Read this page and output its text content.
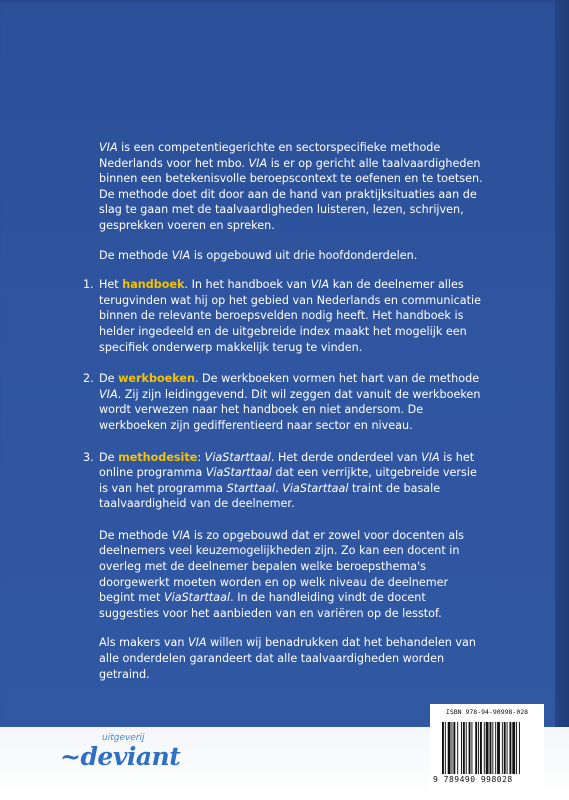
VIA is een competentiegerichte en sectorspecifieke methode Nederlands voor het mbo. VIA is er op gericht alle taalvaardigheden binnen een betekenisvolle beroepscontext te oefenen en te toetsen. De methode doet dit door aan de hand van praktijksituaties aan de slag te gaan met de taalvaardigheden luisteren, lezen, schrijven, gesprekken voeren en spreken.

De methode VIA is opgebouwd uit drie hoofdonderdelen.

1. Het handboek. In het handboek van VIA kan de deelnemer alles terugvinden wat hij op het gebied van Nederlands en communicatie binnen de relevante beroepsvelden nodig heeft. Het handboek is helder ingedeeld en de uitgebreide index maakt het mogelijk een specifiek onderwerp makkelijk terug te vinden.
2. De werkboeken. De werkboeken vormen het hart van de methode VIA. Zij zijn leidinggevend. Dit wil zeggen dat vanuit de werkboeken wordt verwezen naar het handboek en niet andersom. De werkboeken zijn gedifferentieerd naar sector en niveau.
3. De methodesite: ViaStarttaal. Het derde onderdeel van VIA is het online programma ViaStarttaal dat een verrijkte, uitgebreide versie is van het programma Starttaal. ViaStarttaal traint de basale taalvaardigheid van de deelnemer.

De methode VIA is zo opgebouwd dat er zowel voor docenten als deelnemers veel keuzemogelijkheden zijn. Zo kan een docent in overleg met de deelnemer bepalen welke beroepsthema's doorgewerkt moeten worden en op welk niveau de deelnemer begint met ViaStarttaal. In de handleiding vindt de docent suggesties voor het aanbieden van en variëren op de lesstof.

Als makers van VIA willen wij benadrukken dat het behandelen van alle onderdelen garandeert dat alle taalvaardigheden worden getraind.

uitgeverij
~deviant
ISBN 978-94-90998-028
9 789490 998028
